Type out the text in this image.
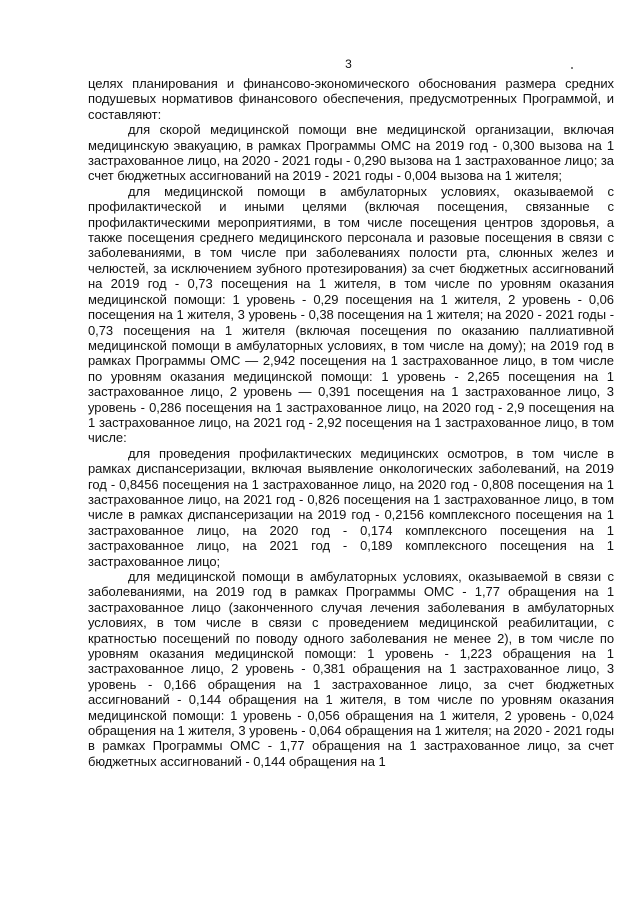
3

целях планирования и финансово-экономического обоснования размера средних подушевых нормативов финансового обеспечения, предусмотренных Программой, и составляют:

для скорой медицинской помощи вне медицинской организации, включая медицинскую эвакуацию, в рамках Программы ОМС на 2019 год - 0,300 вызова на 1 застрахованное лицо, на 2020 - 2021 годы - 0,290 вызова на 1 застрахованное лицо; за счет бюджетных ассигнований на 2019 - 2021 годы - 0,004 вызова на 1 жителя;

для медицинской помощи в амбулаторных условиях, оказываемой с профилактической и иными целями (включая посещения, связанные с профилактическими мероприятиями, в том числе посещения центров здоровья, а также посещения среднего медицинского персонала и разовые посещения в связи с заболеваниями, в том числе при заболеваниях полости рта, слюнных желез и челюстей, за исключением зубного протезирования) за счет бюджетных ассигнований на 2019 год - 0,73 посещения на 1 жителя, в том числе по уровням оказания медицинской помощи: 1 уровень - 0,29 посещения на 1 жителя, 2 уровень - 0,06 посещения на 1 жителя, 3 уровень - 0,38 посещения на 1 жителя; на 2020 - 2021 годы - 0,73 посещения на 1 жителя (включая посещения по оказанию паллиативной медицинской помощи в амбулаторных условиях, в том числе на дому); на 2019 год в рамках Программы ОМС — 2,942 посещения на 1 застрахованное лицо, в том числе по уровням оказания медицинской помощи: 1 уровень - 2,265 посещения на 1 застрахованное лицо, 2 уровень — 0,391 посещения на 1 застрахованное лицо, 3 уровень - 0,286 посещения на 1 застрахованное лицо, на 2020 год - 2,9 посещения на 1 застрахованное лицо, на 2021 год - 2,92 посещения на 1 застрахованное лицо, в том числе:

для проведения профилактических медицинских осмотров, в том числе в рамках диспансеризации, включая выявление онкологических заболеваний, на 2019 год - 0,8456 посещения на 1 застрахованное лицо, на 2020 год - 0,808 посещения на 1 застрахованное лицо, на 2021 год - 0,826 посещения на 1 застрахованное лицо, в том числе в рамках диспансеризации на 2019 год - 0,2156 комплексного посещения на 1 застрахованное лицо, на 2020 год - 0,174 комплексного посещения на 1 застрахованное лицо, на 2021 год - 0,189 комплексного посещения на 1 застрахованное лицо;

для медицинской помощи в амбулаторных условиях, оказываемой в связи с заболеваниями, на 2019 год в рамках Программы ОМС - 1,77 обращения на 1 застрахованное лицо (законченного случая лечения заболевания в амбулаторных условиях, в том числе в связи с проведением медицинской реабилитации, с кратностью посещений по поводу одного заболевания не менее 2), в том числе по уровням оказания медицинской помощи: 1 уровень - 1,223 обращения на 1 застрахованное лицо, 2 уровень - 0,381 обращения на 1 застрахованное лицо, 3 уровень - 0,166 обращения на 1 застрахованное лицо, за счет бюджетных ассигнований - 0,144 обращения на 1 жителя, в том числе по уровням оказания медицинской помощи: 1 уровень - 0,056 обращения на 1 жителя, 2 уровень - 0,024 обращения на 1 жителя, 3 уровень - 0,064 обращения на 1 жителя; на 2020 - 2021 годы в рамках Программы ОМС - 1,77 обращения на 1 застрахованное лицо, за счет бюджетных ассигнований - 0,144 обращения на 1
